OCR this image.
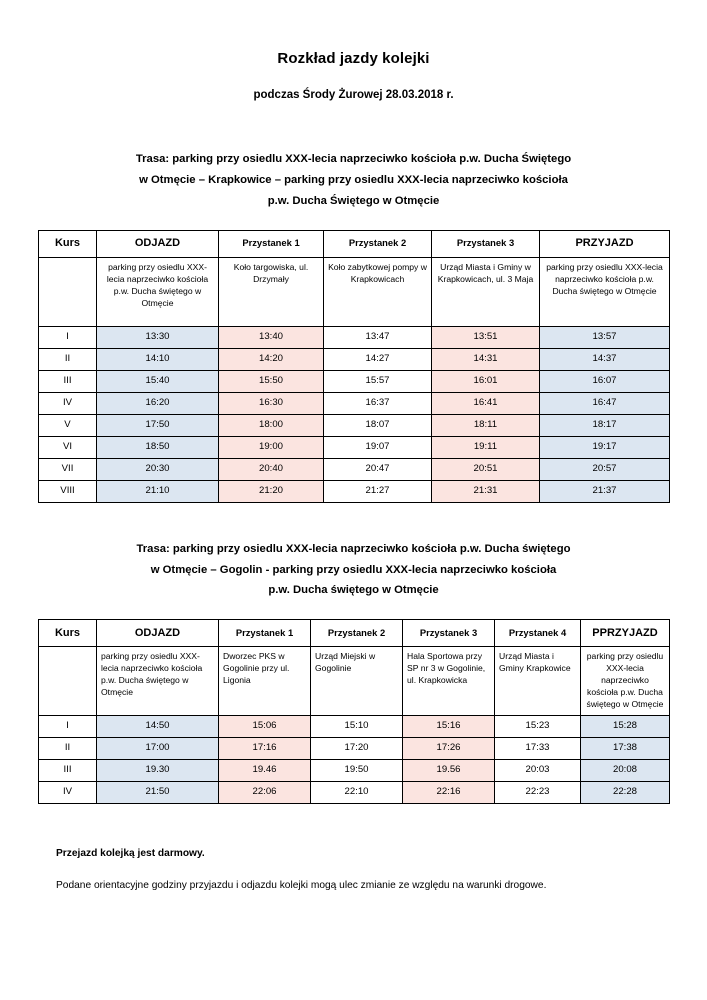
Rozkład jazdy kolejki
podczas Środy Żurowej 28.03.2018 r.
Trasa: parking przy osiedlu XXX-lecia naprzeciwko kościoła p.w. Ducha Świętego
w Otmęcie – Krapkowice – parking przy osiedlu XXX-lecia naprzeciwko kościoła
p.w. Ducha Świętego w Otmęcie
Kurs	ODJAZD	Przystanek 1	Przystanek 2	Przystanek 3	PRZYJAZD
	parking przy osiedlu XXX-lecia naprzeciwko kościoła p.w. Ducha świętego w Otmęcie	Koło targowiska, ul. Drzymały	Koło zabytkowej pompy w Krapkowicach	Urząd Miasta i Gminy w Krapkowicach, ul. 3 Maja	parking przy osiedlu XXX-lecia naprzeciwko kościoła p.w. Ducha świętego w Otmęcie
I	13:30	13:40	13:47	13:51	13:57
II	14:10	14:20	14:27	14:31	14:37
III	15:40	15:50	15:57	16:01	16:07
IV	16:20	16:30	16:37	16:41	16:47
V	17:50	18:00	18:07	18:11	18:17
VI	18:50	19:00	19:07	19:11	19:17
VII	20:30	20:40	20:47	20:51	20:57
VIII	21:10	21:20	21:27	21:31	21:37
Trasa: parking przy osiedlu XXX-lecia naprzeciwko kościoła p.w. Ducha świętego
w Otmęcie – Gogolin - parking przy osiedlu XXX-lecia naprzeciwko kościoła
p.w. Ducha świętego w Otmęcie
Kurs	ODJAZD	Przystanek 1	Przystanek 2	Przystanek 3	Przystanek 4	PPRZYJAZD
	parking przy osiedlu XXX-lecia naprzeciwko kościoła p.w. Ducha świętego w Otmęcie	Dworzec PKS w Gogolinie przy ul. Ligonia	Urząd Miejski w Gogolinie	Hala Sportowa przy SP nr 3 w Gogolinie, ul. Krapkowicka	Urząd Miasta i Gminy Krapkowice	parking przy osiedlu XXX-lecia naprzeciwko kościoła p.w. Ducha świętego w Otmęcie
I	14:50	15:06	15:10	15:16	15:23	15:28
II	17:00	17:16	17:20	17:26	17:33	17:38
III	19.30	19.46	19:50	19.56	20:03	20:08
IV	21:50	22:06	22:10	22:16	22:23	22:28
Przejazd kolejką jest darmowy.
Podane orientacyjne godziny przyjazdu i odjazdu kolejki mogą ulec zmianie ze względu na warunki drogowe.
